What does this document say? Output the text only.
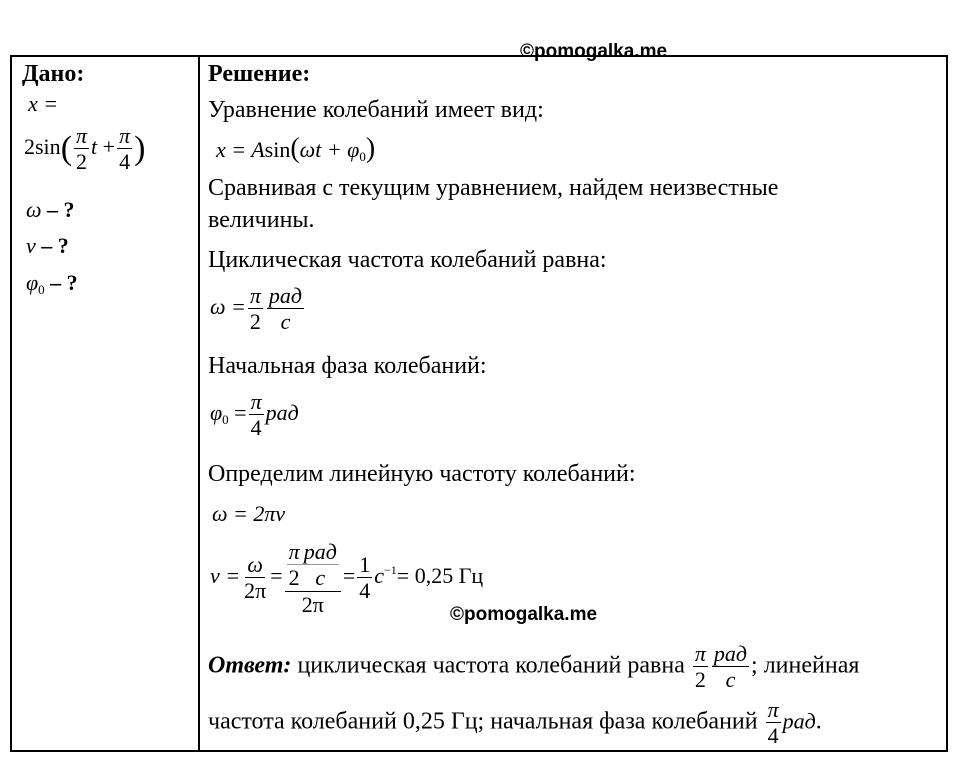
©pomogalka.me
Дано:
x =
$2\sin( \frac{\pi}{2}$ $t + \frac{\pi}{4}$ )
ω – ?
ν – ?
$\varphi_0$ – ?
Решение:
Уравнение колебаний имеет вид:
$x = Asin(\omega t + \varphi_0)$
Сравнивая с текущим уравнением, найдем неизвестные
величины.
Циклическая частота колебаний равна:
$\omega = \frac{\pi}{2} \frac{\text{рад}}{с}$
Начальная фаза колебаний:
$\varphi_0 = \frac{\pi}{4}$ рад
Определим линейную частоту колебаний:
ω = 2πν
$\nu = \frac{\omega}{2\pi} = \frac{\frac{\pi}{2} \frac{\text{рад}}{с}}{2\pi} = \frac{1}{4} с^{-1}= 0,25$ Гц
©pomogalka.me
Ответ: циклическая частота колебаний равна $\frac{\pi}{2} \frac{\text{рад}}{с}$ ; линейная
частота колебаний 0,25 Гц; начальная фаза колебаний $\frac{\pi}{4}$ рад.
